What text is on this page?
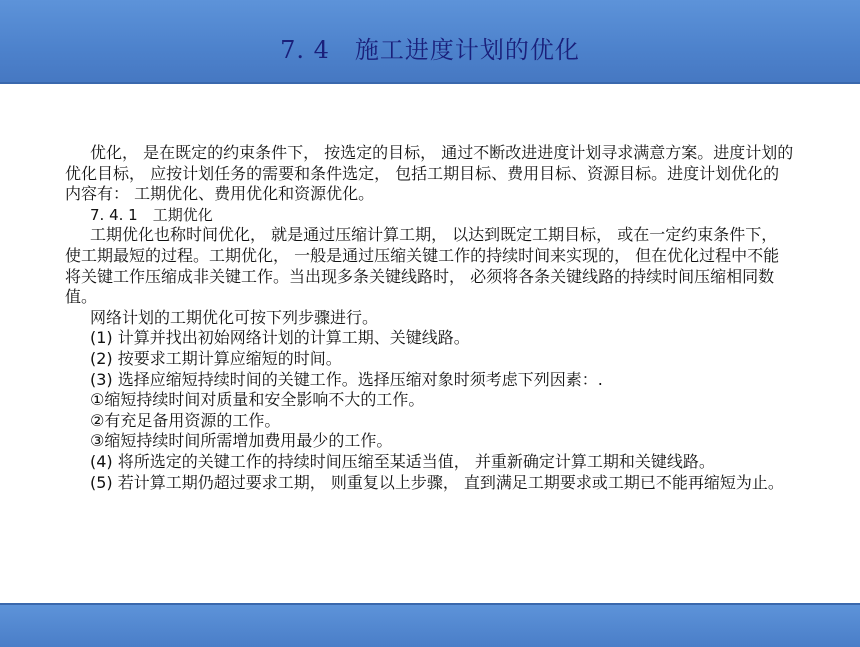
7. 4　施工进度计划的优化

优化， 是在既定的约束条件下， 按选定的目标， 通过不断改进进度计划寻求满意方案。进度计划的优化目标， 应按计划任务的需要和条件选定， 包括工期目标、费用目标、资源目标。进度计划优化的内容有： 工期优化、费用优化和资源优化。

7. 4. 1　工期优化

工期优化也称时间优化， 就是通过压缩计算工期， 以达到既定工期目标， 或在一定约束条件下， 使工期最短的过程。工期优化， 一般是通过压缩关键工作的持续时间来实现的， 但在优化过程中不能将关键工作压缩成非关键工作。当出现多条关键线路时， 必须将各条关键线路的持续时间压缩相同数值。

网络计划的工期优化可按下列步骤进行。

(1) 计算并找出初始网络计划的计算工期、关键线路。

(2) 按要求工期计算应缩短的时间。

(3) 选择应缩短持续时间的关键工作。选择压缩对象时须考虑下列因素：.

①缩短持续时间对质量和安全影响不大的工作。

②有充足备用资源的工作。

③缩短持续时间所需增加费用最少的工作。

(4) 将所选定的关键工作的持续时间压缩至某适当值， 并重新确定计算工期和关键线路。

(5) 若计算工期仍超过要求工期， 则重复以上步骤， 直到满足工期要求或工期已不能再缩短为止。
